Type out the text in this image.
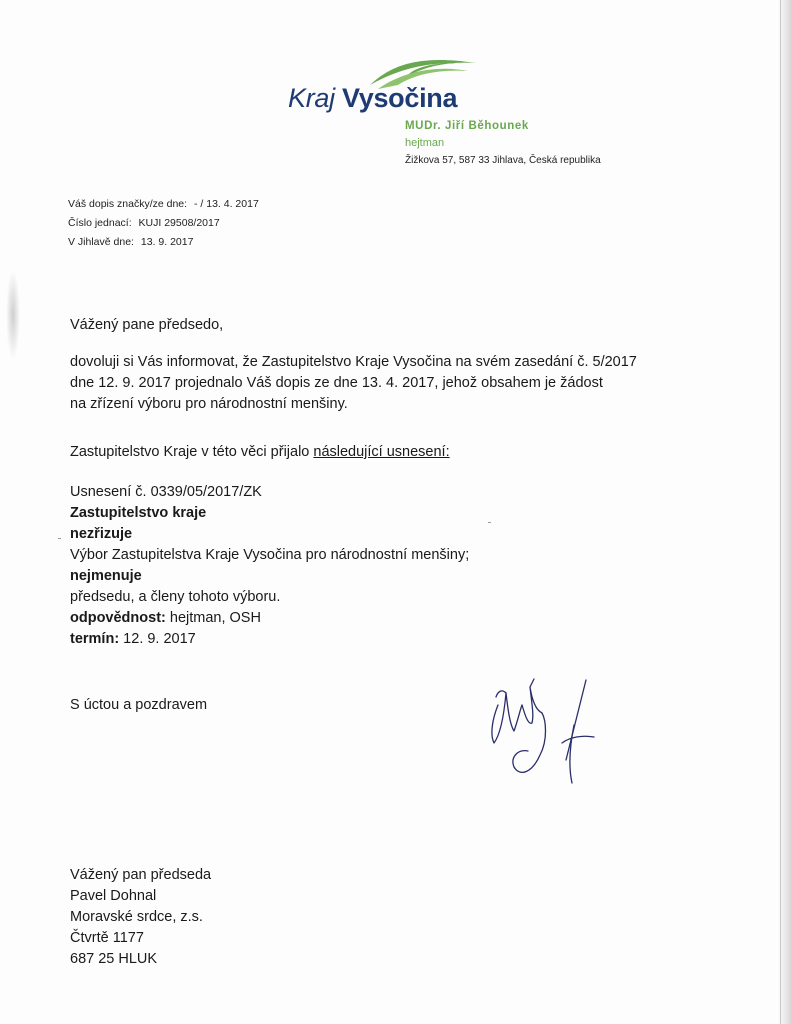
Kraj Vysočina
MUDr. Jiří Běhounek
hejtman
Žižkova 57, 587 33 Jihlava, Česká republika
Váš dopis značky/ze dne: - / 13. 4. 2017
Číslo jednací: KUJI 29508/2017
V Jihlavě dne: 13. 9. 2017
Vážený pane předsedo,
dovoluji si Vás informovat, že Zastupitelstvo Kraje Vysočina na svém zasedání č. 5/2017
dne 12. 9. 2017 projednalo Váš dopis ze dne 13. 4. 2017, jehož obsahem je žádost
na zřízení výboru pro národnostní menšiny.
Zastupitelstvo Kraje v této věci přijalo následující usnesení:
Usnesení č. 0339/05/2017/ZK
Zastupitelstvo kraje
nezřizuje
Výbor Zastupitelstva Kraje Vysočina pro národnostní menšiny;
nejmenuje
předsedu, a členy tohoto výboru.
odpovědnost: hejtman, OSH
termín: 12. 9. 2017
S úctou a pozdravem
Vážený pan předseda
Pavel Dohnal
Moravské srdce, z.s.
Čtvrtě 1177
687 25 HLUK
